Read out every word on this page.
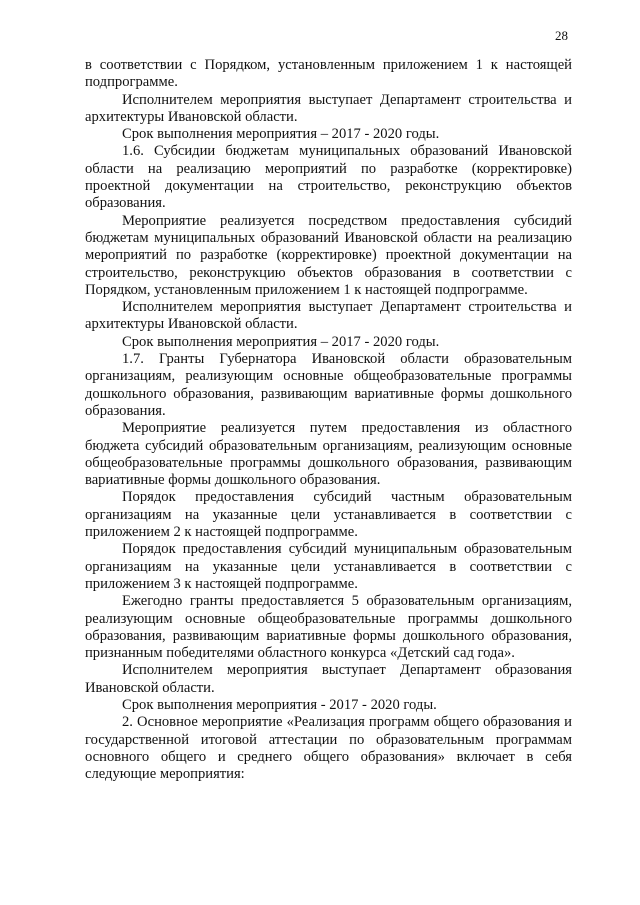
28

в соответствии с Порядком, установленным приложением 1 к настоящей подпрограмме.

Исполнителем мероприятия выступает Департамент строительства и архитектуры Ивановской области.

Срок выполнения мероприятия – 2017 - 2020 годы.

1.6. Субсидии бюджетам муниципальных образований Ивановской области на реализацию мероприятий по разработке (корректировке) проектной документации на строительство, реконструкцию объектов образования.

Мероприятие реализуется посредством предоставления субсидий бюджетам муниципальных образований Ивановской области на реализацию мероприятий по разработке (корректировке) проектной документации на строительство, реконструкцию объектов образования в соответствии с Порядком, установленным приложением 1 к настоящей подпрограмме.

Исполнителем мероприятия выступает Департамент строительства и архитектуры Ивановской области.

Срок выполнения мероприятия – 2017 - 2020 годы.

1.7. Гранты Губернатора Ивановской области образовательным организациям, реализующим основные общеобразовательные программы дошкольного образования, развивающим вариативные формы дошкольного образования.

Мероприятие реализуется путем предоставления из областного бюджета субсидий образовательным организациям, реализующим основные общеобразовательные программы дошкольного образования, развивающим вариативные формы дошкольного образования.

Порядок предоставления субсидий частным образовательным организациям на указанные цели устанавливается в соответствии с приложением 2 к настоящей подпрограмме.

Порядок предоставления субсидий муниципальным образовательным организациям на указанные цели устанавливается в соответствии с приложением 3 к настоящей подпрограмме.

Ежегодно гранты предоставляется 5 образовательным организациям, реализующим основные общеобразовательные программы дошкольного образования, развивающим вариативные формы дошкольного образования, признанным победителями областного конкурса «Детский сад года».

Исполнителем мероприятия выступает Департамент образования Ивановской области.

Срок выполнения мероприятия - 2017 - 2020 годы.

2. Основное мероприятие «Реализация программ общего образования и государственной итоговой аттестации по образовательным программам основного общего и среднего общего образования» включает в себя следующие мероприятия:
